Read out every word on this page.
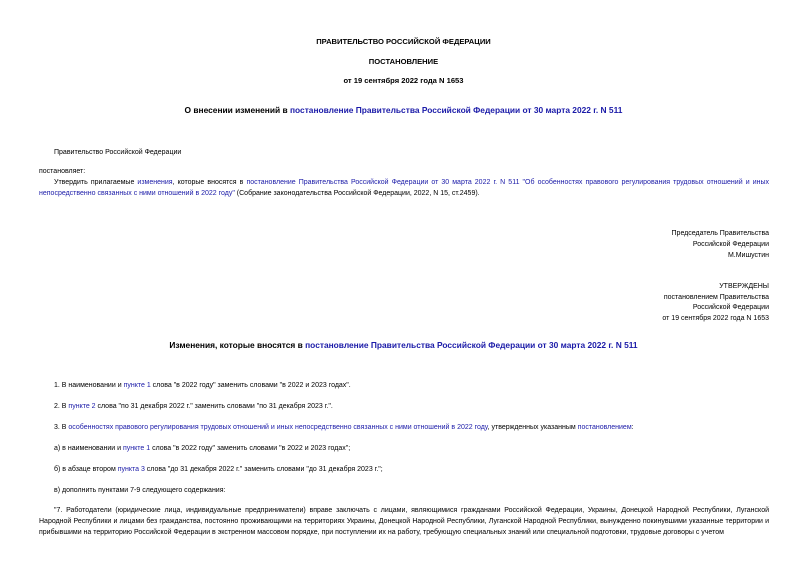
ПРАВИТЕЛЬСТВО РОССИЙСКОЙ ФЕДЕРАЦИИ
ПОСТАНОВЛЕНИЕ
от 19 сентября 2022 года N 1653
О внесении изменений в постановление Правительства Российской Федерации от 30 марта 2022 г. N 511
Правительство Российской Федерации
постановляет:
Утвердить прилагаемые изменения, которые вносятся в постановление Правительства Российской Федерации от 30 марта 2022 г. N 511 "Об особенностях правового регулирования трудовых отношений и иных непосредственно связанных с ними отношений в 2022 году" (Собрание законодательства Российской Федерации, 2022, N 15, ст.2459).
Председатель Правительства
Российской Федерации
М.Мишустин
УТВЕРЖДЕНЫ
постановлением Правительства
Российской Федерации
от 19 сентября 2022 года N 1653
Изменения, которые вносятся в постановление Правительства Российской Федерации от 30 марта 2022 г. N 511
1. В наименовании и пункте 1 слова "в 2022 году" заменить словами "в 2022 и 2023 годах".
2. В пункте 2 слова "по 31 декабря 2022 г." заменить словами "по 31 декабря 2023 г.".
3. В особенностях правового регулирования трудовых отношений и иных непосредственно связанных с ними отношений в 2022 году, утвержденных указанным постановлением:
а) в наименовании и пункте 1 слова "в 2022 году" заменить словами "в 2022 и 2023 годах";
б) в абзаце втором пункта 3 слова "до 31 декабря 2022 г." заменить словами "до 31 декабря 2023 г.";
в) дополнить пунктами 7-9 следующего содержания:
"7. Работодатели (юридические лица, индивидуальные предприниматели) вправе заключать с лицами, являющимися гражданами Российской Федерации, Украины, Донецкой Народной Республики, Луганской Народной Республики и лицами без гражданства, постоянно проживающими на территориях Украины, Донецкой Народной Республики, Луганской Народной Республики, вынужденно покинувшими указанные территории и прибывшими на территорию Российской Федерации в экстренном массовом порядке, при поступлении их на работу, требующую специальных знаний или специальной подготовки, трудовые договоры с учетом
